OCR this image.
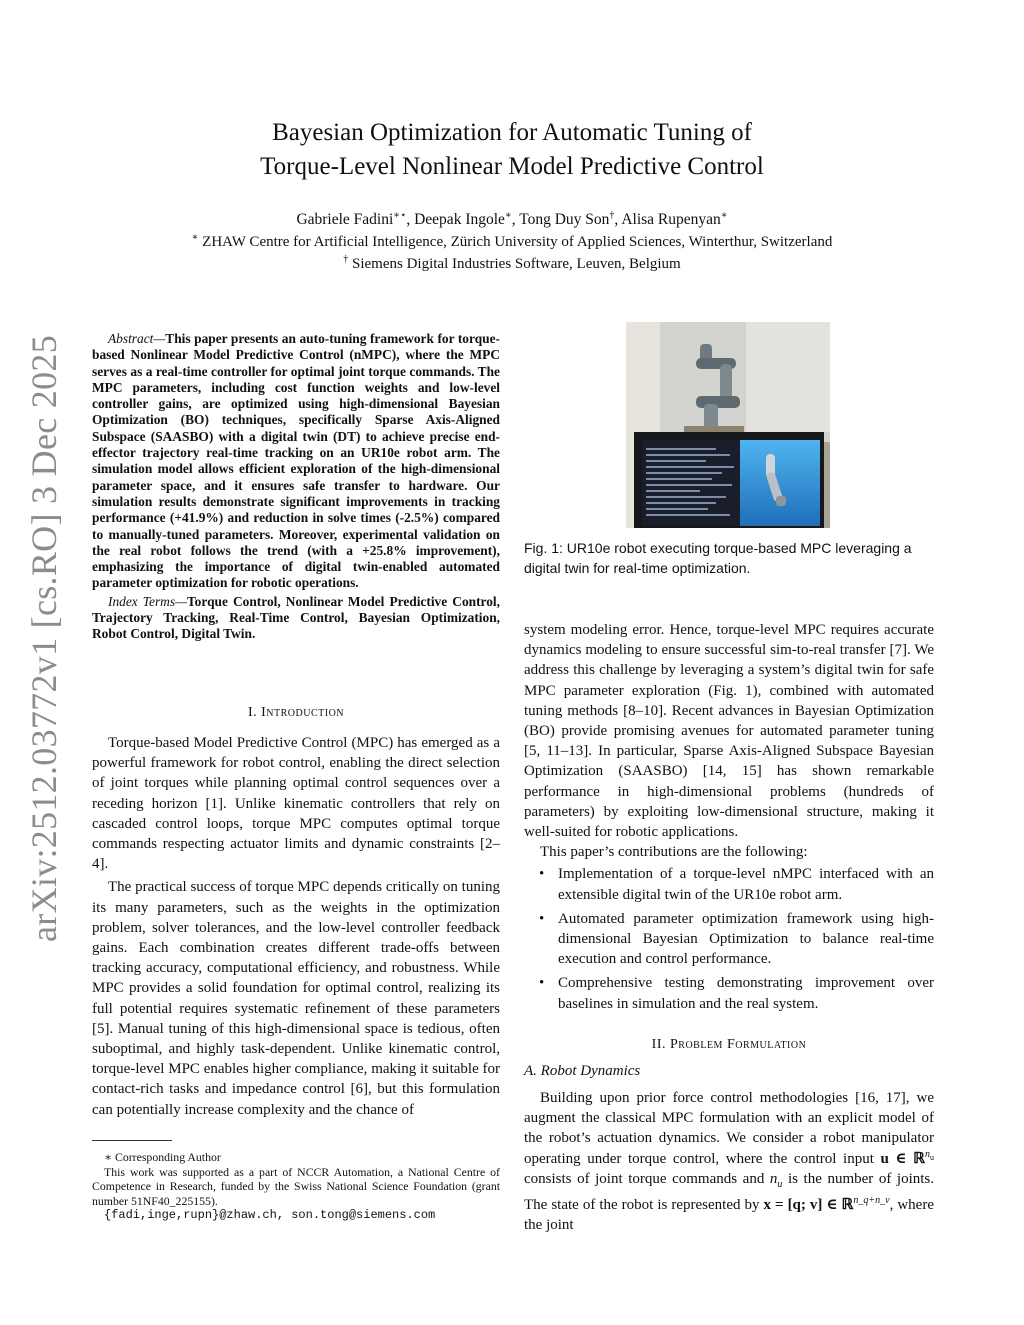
arXiv:2512.03772v1 [cs.RO] 3 Dec 2025
Bayesian Optimization for Automatic Tuning of
Torque-Level Nonlinear Model Predictive Control
Gabriele Fadini∗⋆, Deepak Ingole∗, Tong Duy Son†, Alisa Rupenyan∗
∗ ZHAW Centre for Artificial Intelligence, Zürich University of Applied Sciences, Winterthur, Switzerland
† Siemens Digital Industries Software, Leuven, Belgium

Abstract—This paper presents an auto-tuning framework for torque-based Nonlinear Model Predictive Control (nMPC), where the MPC serves as a real-time controller for optimal joint torque commands. The MPC parameters, including cost function weights and low-level controller gains, are optimized using high-dimensional Bayesian Optimization (BO) techniques, specifically Sparse Axis-Aligned Subspace (SAASBO) with a digital twin (DT) to achieve precise end-effector trajectory real-time tracking on an UR10e robot arm. The simulation model allows efficient exploration of the high-dimensional parameter space, and it ensures safe transfer to hardware. Our simulation results demonstrate significant improvements in tracking performance (+41.9%) and reduction in solve times (-2.5%) compared to manually-tuned parameters. Moreover, experimental validation on the real robot follows the trend (with a +25.8% improvement), emphasizing the importance of digital twin-enabled automated parameter optimization for robotic operations.

Index Terms—Torque Control, Nonlinear Model Predictive Control, Trajectory Tracking, Real-Time Control, Bayesian Optimization, Robot Control, Digital Twin.

I. Introduction

Torque-based Model Predictive Control (MPC) has emerged as a powerful framework for robot control, enabling the direct selection of joint torques while planning optimal control sequences over a receding horizon [1]. Unlike kinematic controllers that rely on cascaded control loops, torque MPC computes optimal torque commands respecting actuator limits and dynamic constraints [2–4].

The practical success of torque MPC depends critically on tuning its many parameters, such as the weights in the optimization problem, solver tolerances, and the low-level controller feedback gains. Each combination creates different trade-offs between tracking accuracy, computational efficiency, and robustness. While MPC provides a solid foundation for optimal control, realizing its full potential requires systematic refinement of these parameters [5]. Manual tuning of this high-dimensional space is tedious, often suboptimal, and highly task-dependent. Unlike kinematic control, torque-level MPC enables higher compliance, making it suitable for contact-rich tasks and impedance control [6], but this formulation can potentially increase complexity and the chance of

∗ Corresponding Author

This work was supported as a part of NCCR Automation, a National Centre of Competence in Research, funded by the Swiss National Science Foundation (grant number 51NF40_225155).

{fadi,inge,rupn}@zhaw.ch, son.tong@siemens.com

Fig. 1: UR10e robot executing torque-based MPC leveraging a digital twin for real-time optimization.

system modeling error. Hence, torque-level MPC requires accurate dynamics modeling to ensure successful sim-to-real transfer [7]. We address this challenge by leveraging a system’s digital twin for safe MPC parameter exploration (Fig. 1), combined with automated tuning methods [8–10]. Recent advances in Bayesian Optimization (BO) provide promising avenues for automated parameter tuning [5, 11–13]. In particular, Sparse Axis-Aligned Subspace Bayesian Optimization (SAASBO) [14, 15] has shown remarkable performance in high-dimensional problems (hundreds of parameters) by exploiting low-dimensional structure, making it well-suited for robotic applications.

This paper’s contributions are the following:

• Implementation of a torque-level nMPC interfaced with an extensible digital twin of the UR10e robot arm.
• Automated parameter optimization framework using high-dimensional Bayesian Optimization to balance real-time execution and control performance.
• Comprehensive testing demonstrating improvement over baselines in simulation and the real system.
II. Problem Formulation
A. Robot Dynamics

Building upon prior force control methodologies [16, 17], we augment the classical MPC formulation with an explicit model of the robot’s actuation dynamics. We consider a robot manipulator operating under torque control, where the control input u ∈ ℝ$^{n_u}$ consists of joint torque commands and $n_u$ is the number of joints. The state of the robot is represented by x = [q; v] ∈ ℝ$^{n\_q+n\_v}$, where the joint
